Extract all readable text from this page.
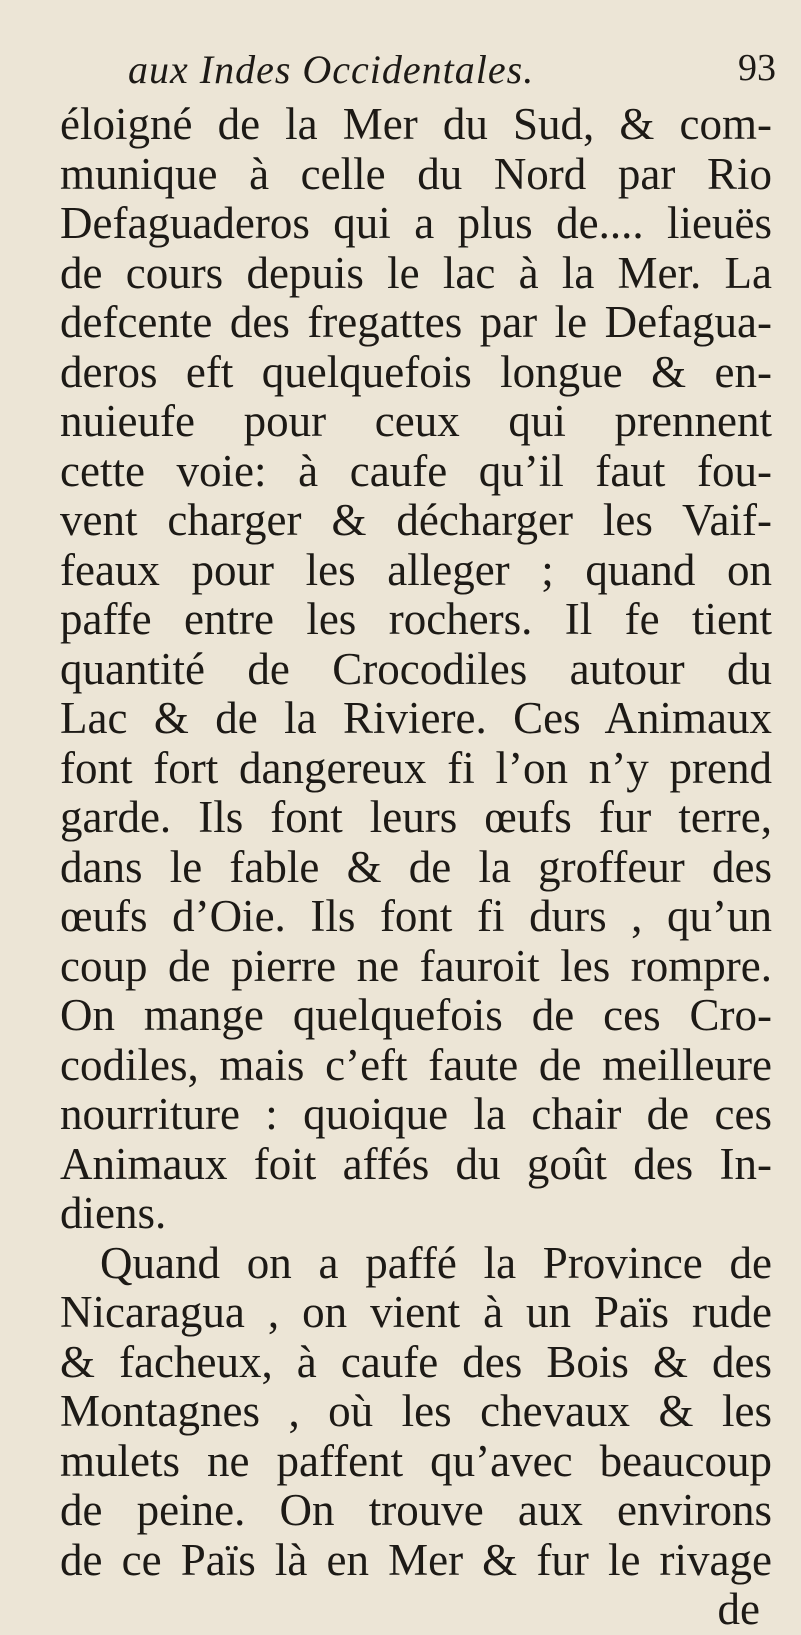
aux Indes Occidentales.	93
éloigné de la Mer du Sud, & com-
munique à celle du Nord par Rio
Defaguaderos qui a plus de.... lieuës
de cours depuis le lac à la Mer. La
defcente des fregattes par le Defagua-
deros eft quelquefois longue & en-
nuieufe pour ceux qui prennent
cette voie: à caufe qu’il faut fou-
vent charger & décharger les Vaif-
feaux pour les alleger ; quand on
paffe entre les rochers. Il fe tient
quantité de Crocodiles autour du
Lac & de la Riviere. Ces Animaux
font fort dangereux fi l’on n’y prend
garde. Ils font leurs œufs fur terre,
dans le fable & de la groffeur des
œufs d’Oie. Ils font fi durs , qu’un
coup de pierre ne fauroit les rompre.
On mange quelquefois de ces Cro-
codiles, mais c’eft faute de meilleure
nourriture : quoique la chair de ces
Animaux foit affés du goût des In-
diens.
Quand on a paffé la Province de
Nicaragua , on vient à un Païs rude
& facheux, à caufe des Bois & des
Montagnes , où les chevaux & les
mulets ne paffent qu’avec beaucoup
de peine. On trouve aux environs
de ce Païs là en Mer & fur le rivage
de
